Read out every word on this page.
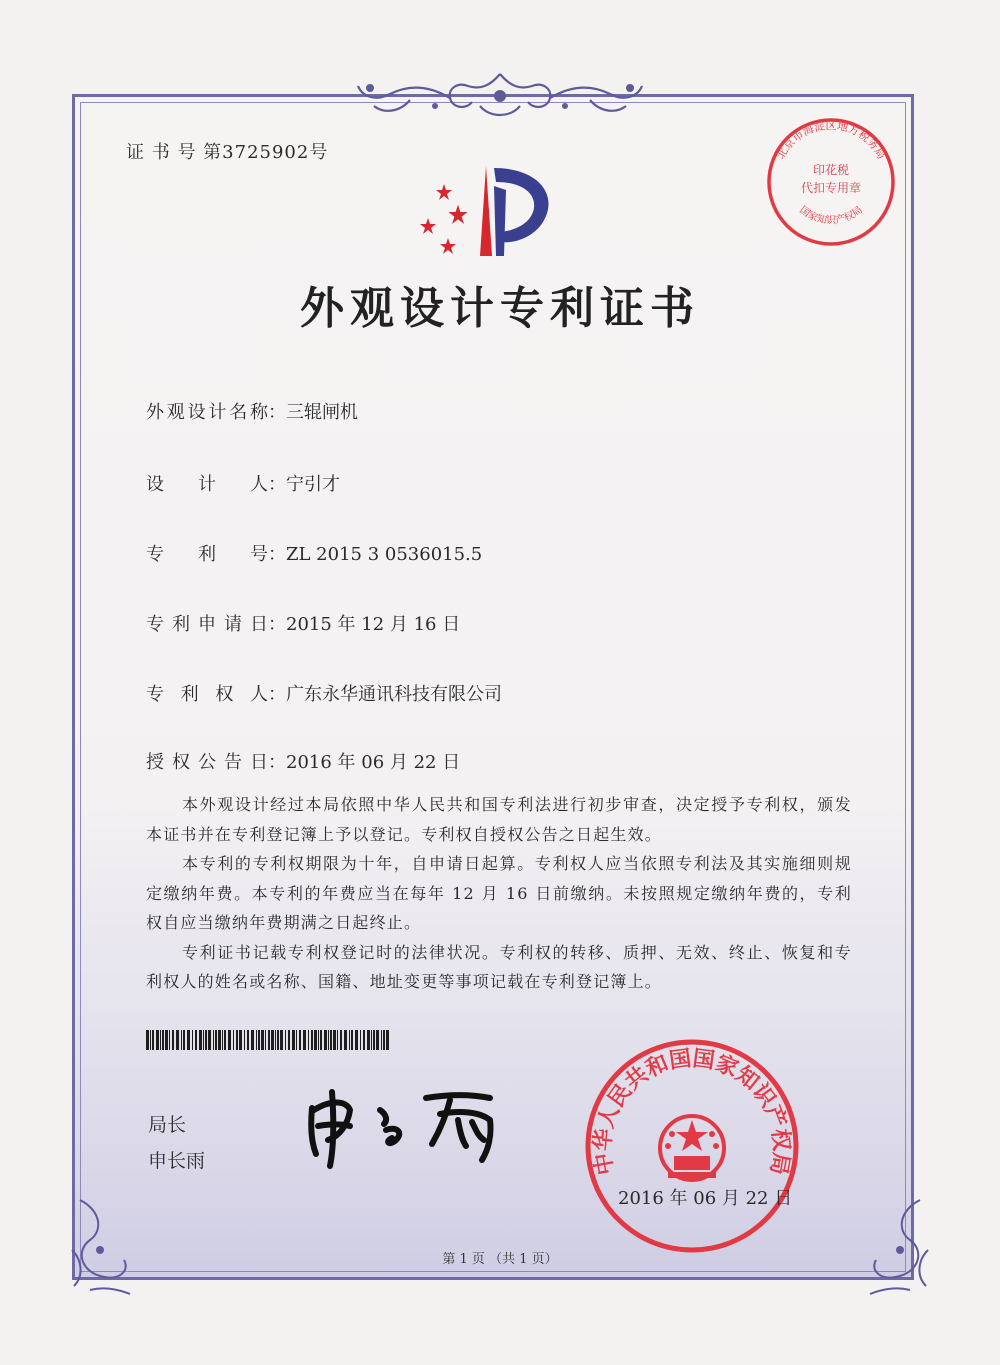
证 书 号 第3725902号	北京市海淀区地方税务局
印花税
代扣专用章
国家知识产权局
外观设计专利证书
外观设计名称：三辊闸机
设计人：宁引才
专利号：ZL 2015 3 0536015.5
专利申请日：2015 年 12 月 16 日
专利权人：广东永华通讯科技有限公司
授权公告日：2016 年 06 月 22 日

本外观设计经过本局依照中华人民共和国专利法进行初步审查，决定授予专利权，颁发本证书并在专利登记簿上予以登记。专利权自授权公告之日起生效。

本专利的专利权期限为十年，自申请日起算。专利权人应当依照专利法及其实施细则规定缴纳年费。本专利的年费应当在每年 12 月 16 日前缴纳。未按照规定缴纳年费的，专利权自应当缴纳年费期满之日起终止。

专利证书记载专利权登记时的法律状况。专利权的转移、质押、无效、终止、恢复和专利权人的姓名或名称、国籍、地址变更等事项记载在专利登记簿上。

局长
申长雨	中华人民共和国国家知识产权局
2016 年 06 月 22 日
第 1 页 （共 1 页）
